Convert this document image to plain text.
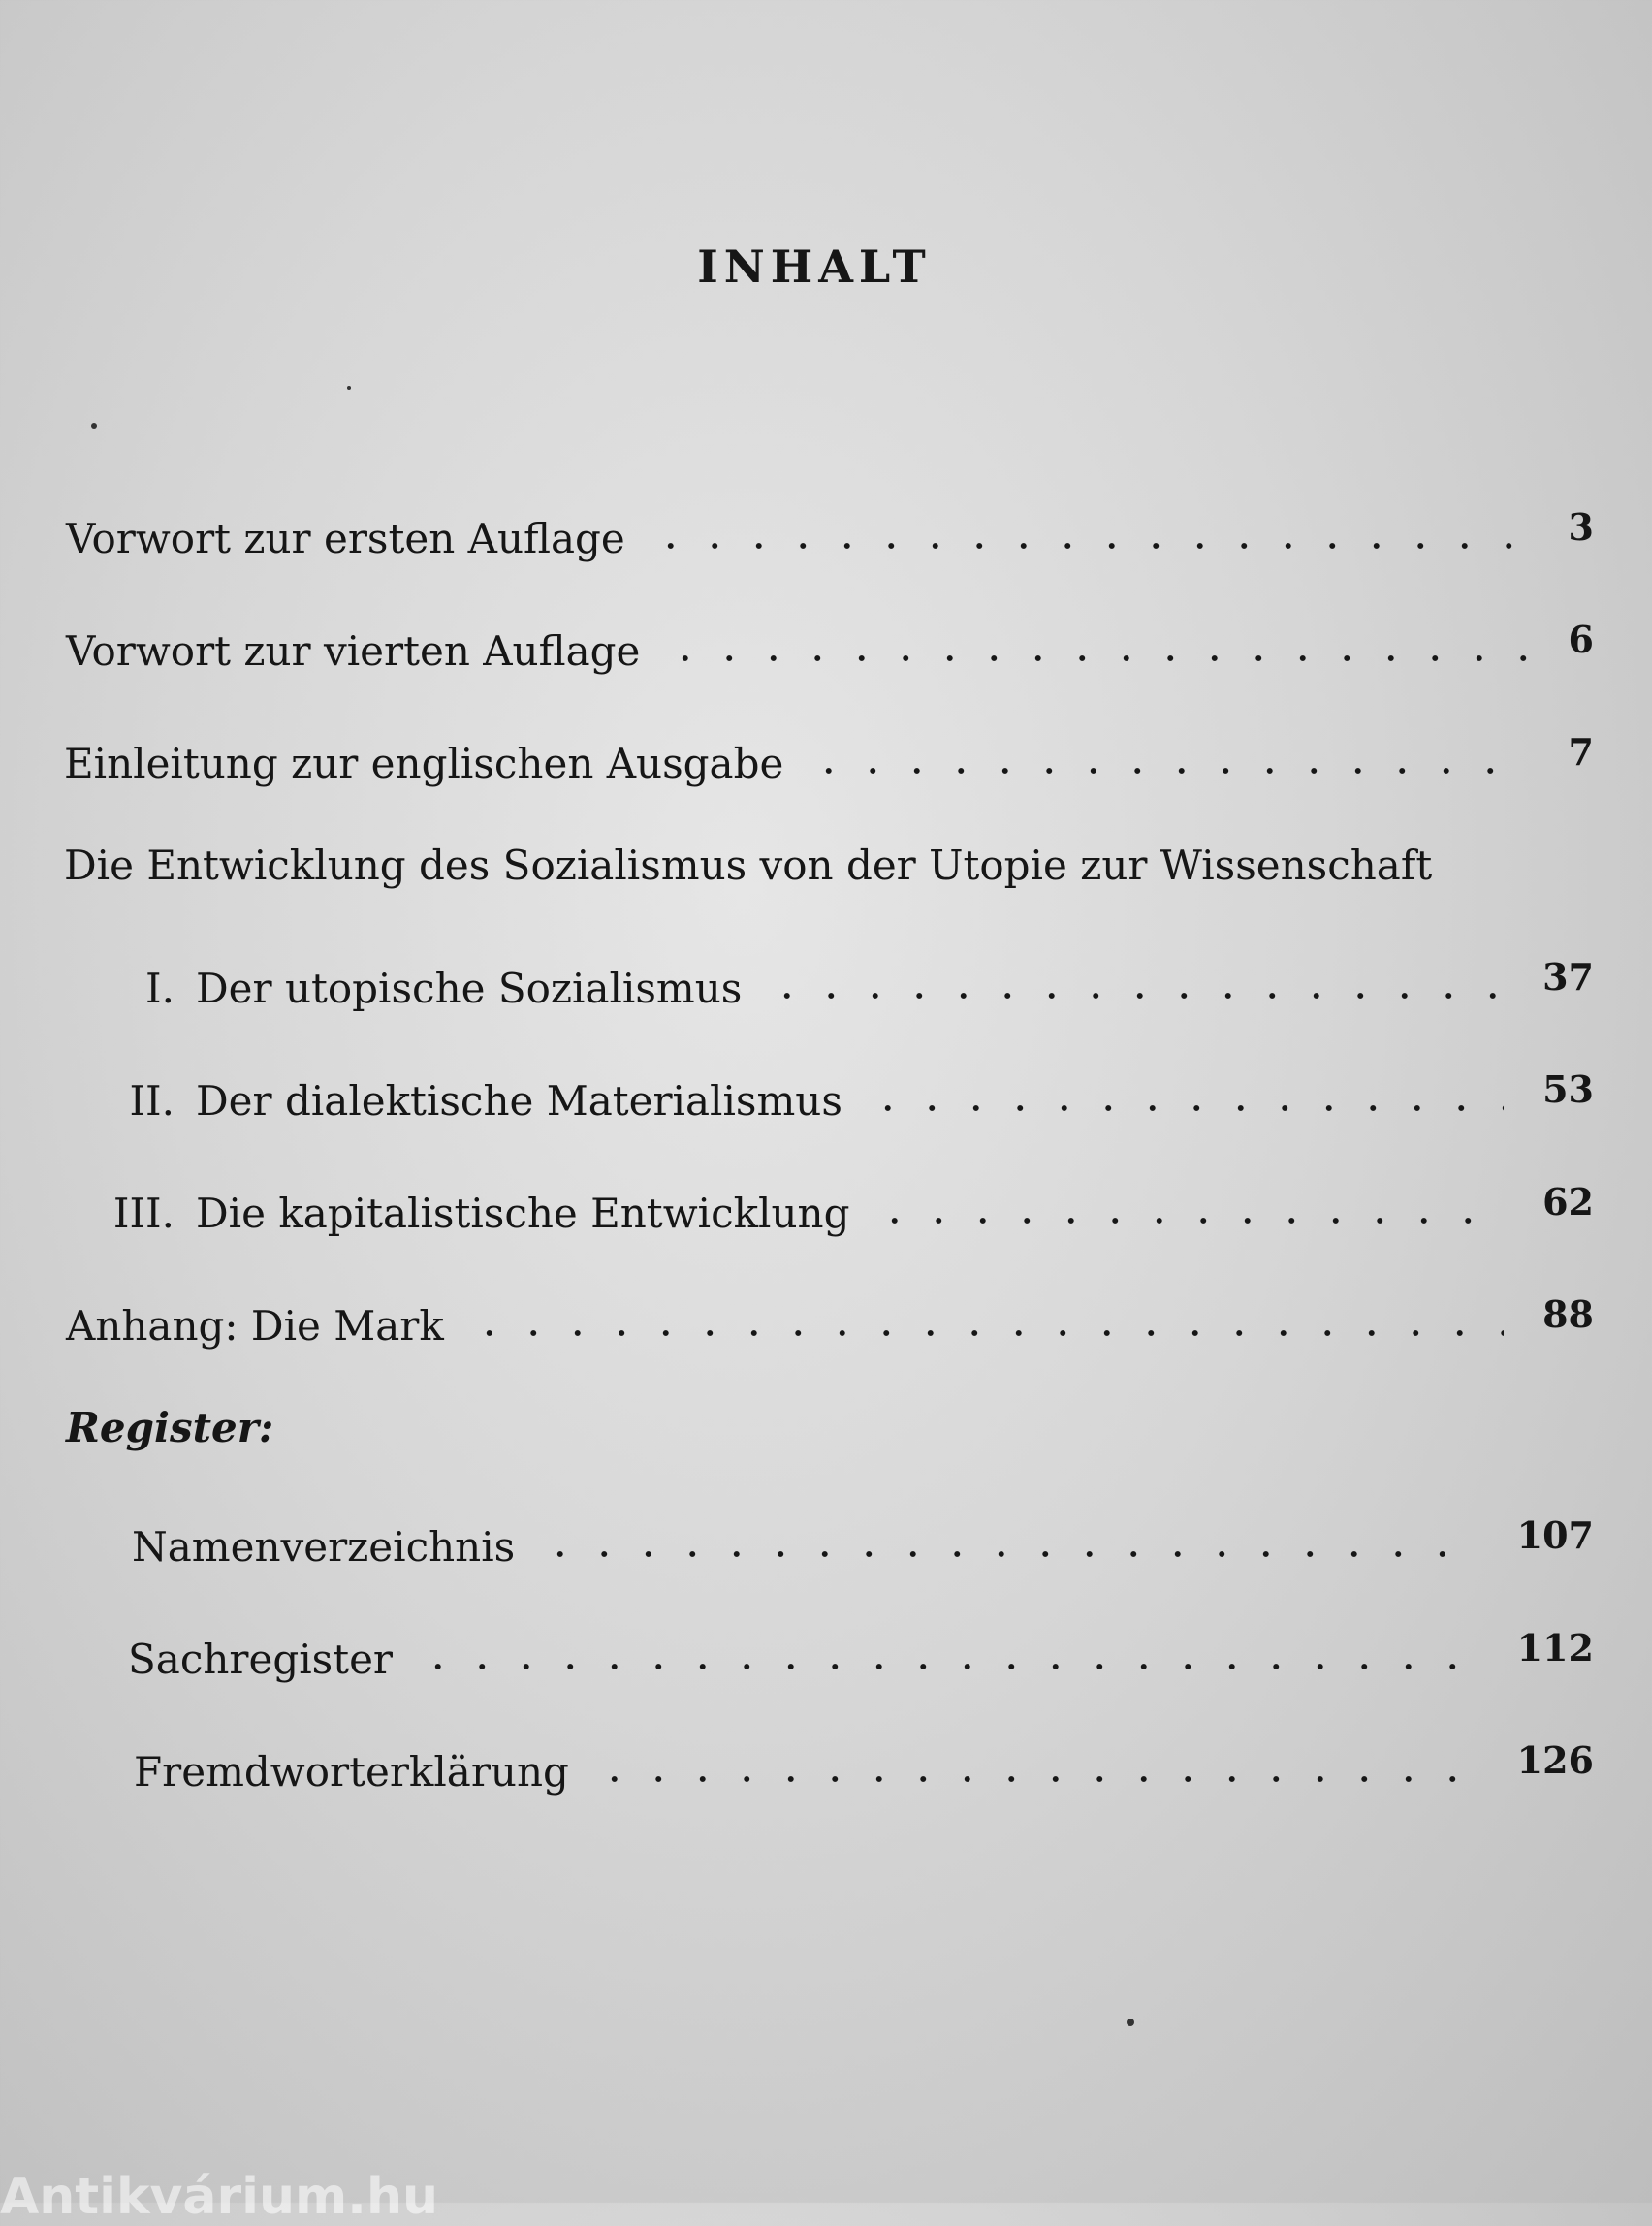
INHALT
Vorwort zur ersten Auflage	3
Vorwort zur vierten Auflage	6
Einleitung zur englischen Ausgabe	7
Die Entwicklung des Sozialismus von der Utopie zur Wissenschaft
I. Der utopische Sozialismus	37
II. Der dialektische Materialismus	53
III. Die kapitalistische Entwicklung	62
Anhang: Die Mark	88
Register:
Namenverzeichnis	107
Sachregister	112
Fremdworterklärung	126
Antikvárium.hu
